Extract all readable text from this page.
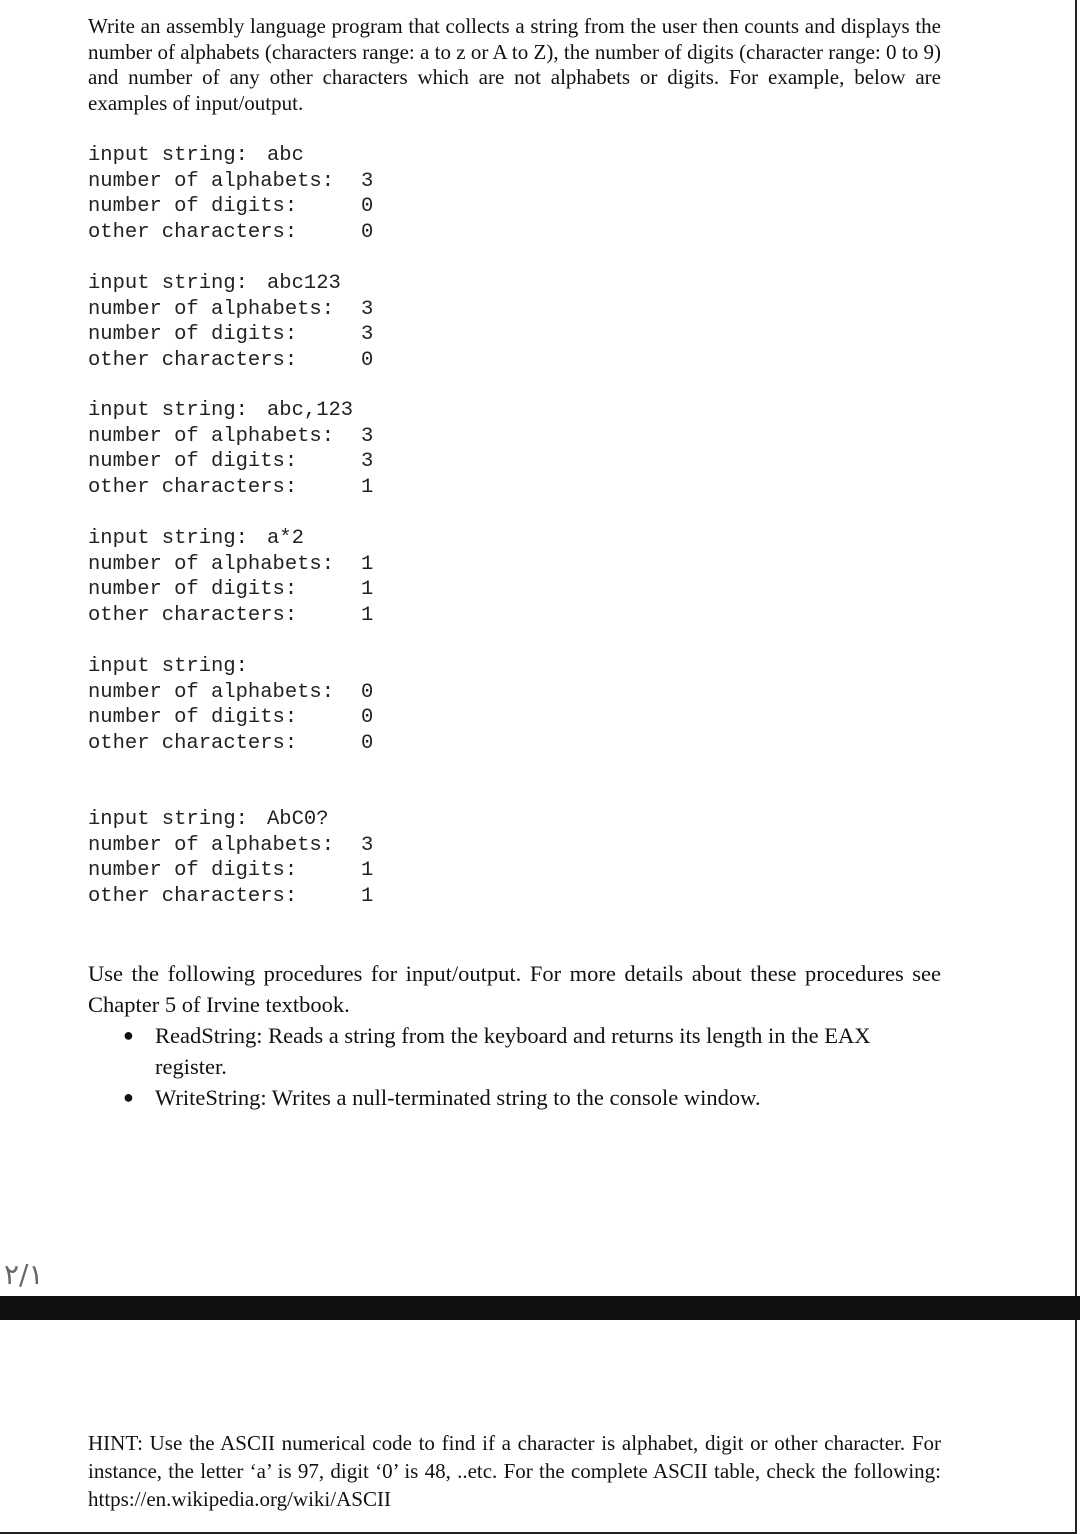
Write an assembly language program that collects a string from the user then counts and displays the number of alphabets (characters range: a to z or A to Z), the number of digits (character range: 0 to 9) and number of any other characters which are not alphabets or digits. For example, below are examples of input/output.

input string: abc
number of alphabets: 3
number of digits:	0
other characters:	0
input string: abc123
number of alphabets: 3
number of digits:	3
other characters:	0
input string: abc,123
number of alphabets: 3
number of digits:	3
other characters:	1
input string: a*2
number of alphabets: 1
number of digits:	1
other characters:	1
input string:
number of alphabets: 0
number of digits:	0
other characters:	0
input string: AbC0?
number of alphabets: 3
number of digits:	1
other characters:	1

Use the following procedures for input/output. For more details about these procedures see Chapter 5 of Irvine textbook.

● ReadString: Reads a string from the keyboard and returns its length in the EAX register.
● WriteString: Writes a null-terminated string to the console window.
٢/١

HINT: Use the ASCII numerical code to find if a character is alphabet, digit or other character. For instance, the letter ‘a’ is 97, digit ‘0’ is 48, ..etc. For the complete ASCII table, check the following: https://en.wikipedia.org/wiki/ASCII
